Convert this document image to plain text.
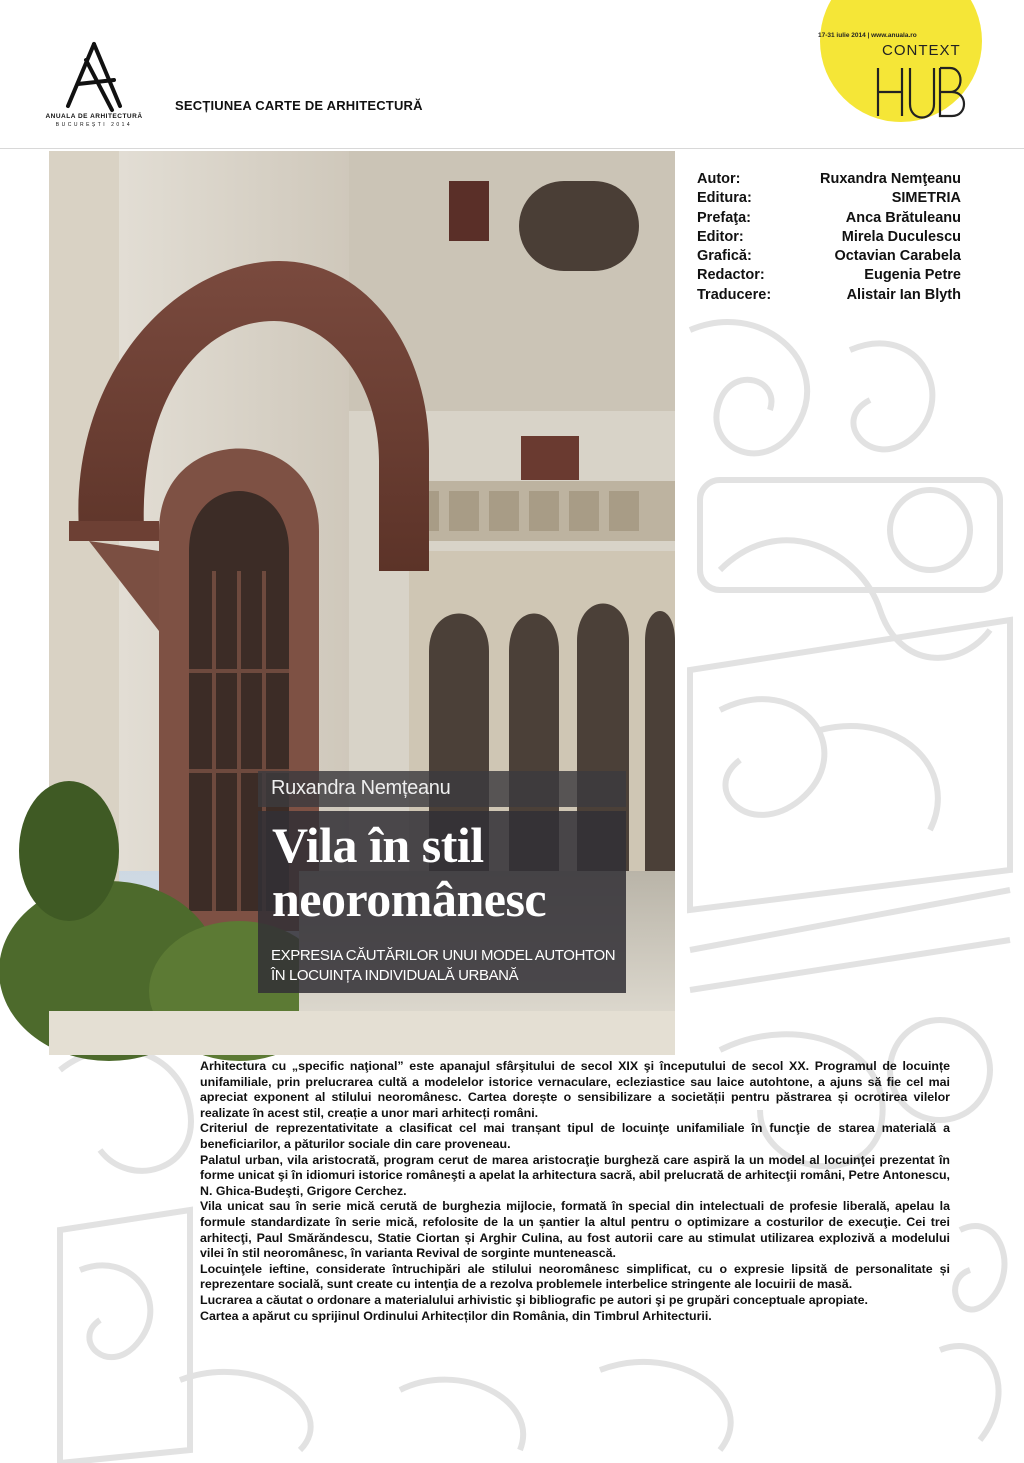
ANUALA DE ARHITECTURĂ
BUCUREȘTI 2014
SECȚIUNEA CARTE DE ARHITECTURĂ
17-31 iulie 2014 | www.anuala.ro
CONTEXT
SIMETRIA
Ruxandra Nemțeanu
Vila în stil neoromânesc
EXPRESIA CĂUTĂRILOR UNUI MODEL AUTOHTON ÎN LOCUINȚA INDIVIDUALĂ URBANĂ
Autor:	Ruxandra Nemţeanu
Editura:	SIMETRIA
Prefaţa:	Anca Brătuleanu
Editor:	Mirela Duculescu
Grafică:	Octavian Carabela
Redactor:	Eugenia Petre
Traducere:	Alistair Ian Blyth

Arhitectura cu „specific naţional” este apanajul sfârşitului de secol XIX şi începutului de secol XX. Programul de locuințe unifamiliale, prin prelucrarea cultă a modelelor istorice vernaculare, ecleziastice sau laice autohtone, a ajuns să fie cel mai apreciat exponent al stilului neoromânesc. Cartea dorește o sensibilizare a societății pentru păstrarea și ocrotirea vilelor realizate în acest stil, creație a unor mari arhitecți români.

Criteriul de reprezentativitate a clasificat cel mai tranșant tipul de locuinţe unifamiliale în funcţie de starea materială a beneficiarilor, a păturilor sociale din care proveneau.

Palatul urban, vila aristocrată, program cerut de marea aristocraţie burgheză care aspiră la un model al locuinţei prezentat în forme unicat şi în idiomuri istorice româneşti a apelat la arhitectura sacră, abil prelucrată de arhitecţii români, Petre Antonescu, N. Ghica-Budeşti, Grigore Cerchez.

Vila unicat sau în serie mică cerută de burghezia mijlocie, formată în special din intelectuali de profesie liberală, apelau la formule standardizate în serie mică, refolosite de la un șantier la altul pentru o optimizare a costurilor de execuţie. Cei trei arhitecţi, Paul Smărăndescu, Statie Ciortan și Arghir Culina, au fost autorii care au stimulat utilizarea explozivă a modelului vilei în stil neoromânesc, în varianta Revival de sorginte muntenească.

Locuinţele ieftine, considerate întruchipări ale stilului neoromânesc simplificat, cu o expresie lipsită de personalitate și reprezentare socială, sunt create cu intenţia de a rezolva problemele interbelice stringente ale locuirii de masă.

Lucrarea a căutat o ordonare a materialului arhivistic şi bibliografic pe autori şi pe grupări conceptuale apropiate.

Cartea a apărut cu sprijinul Ordinului Arhitecților din România, din Timbrul Arhitecturii.
